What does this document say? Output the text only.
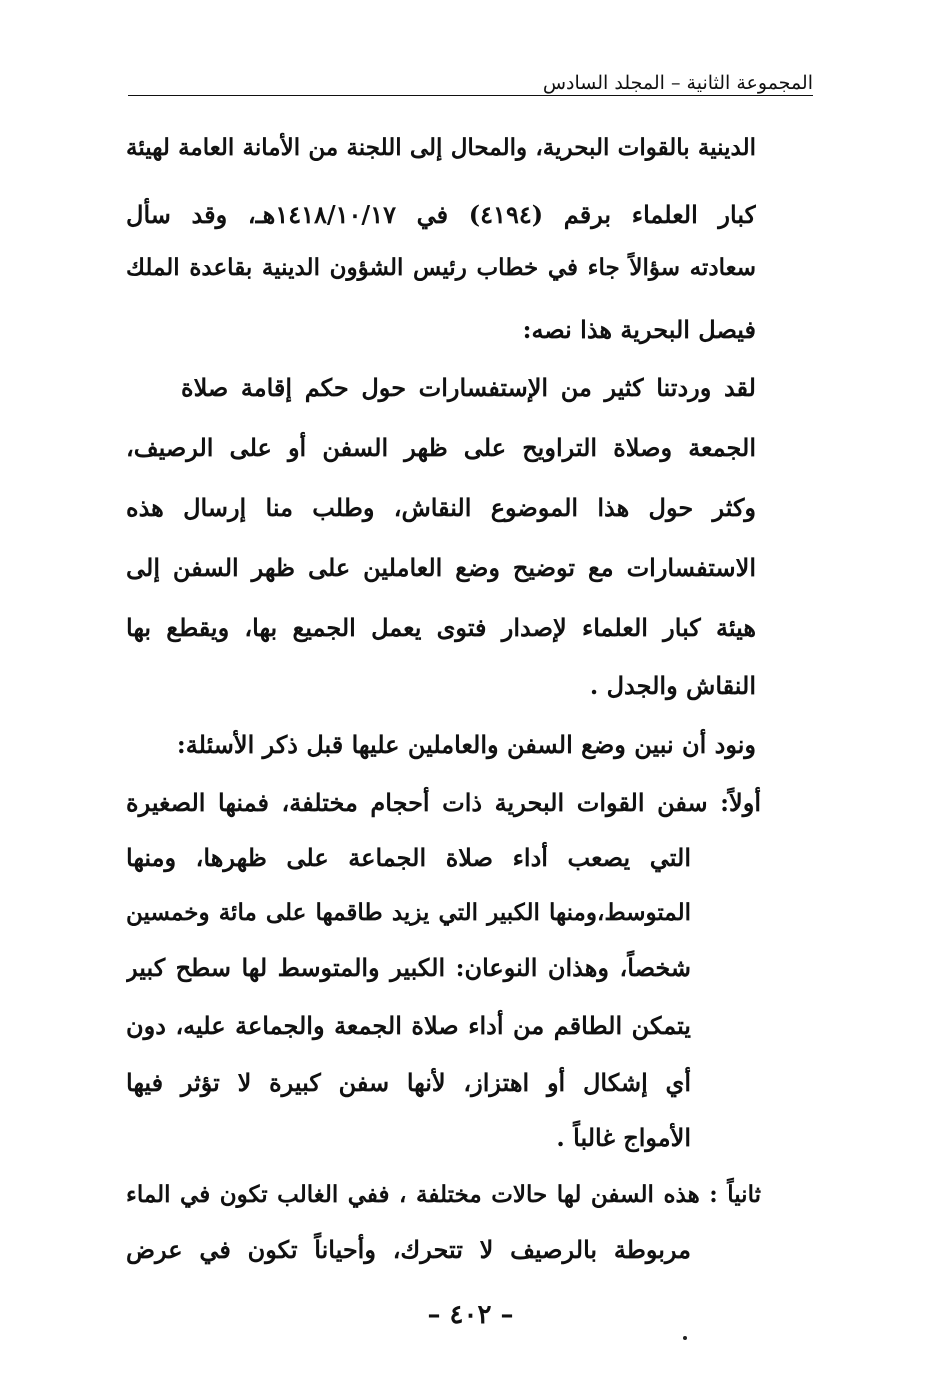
المجموعة الثانية – المجلد السادس
الدينية بالقوات البحرية، والمحال إلى اللجنة من الأمانة العامة لهيئة
كبار العلماء برقم (٤١٩٤) في ١٤١٨/١٠/١٧هـ، وقد سأل
سعادته سؤالاً جاء في خطاب رئيس الشؤون الدينية بقاعدة الملك
فيصل البحرية هذا نصه:
لقد وردتنا كثير من الإستفسارات حول حكم إقامة صلاة
الجمعة وصلاة التراويح على ظهر السفن أو على الرصيف،
وكثر حول هذا الموضوع النقاش، وطلب منا إرسال هذه
الاستفسارات مع توضيح وضع العاملين على ظهر السفن إلى
هيئة كبار العلماء لإصدار فتوى يعمل الجميع بها، ويقطع بها
النقاش والجدل .
ونود أن نبين وضع السفن والعاملين عليها قبل ذكر الأسئلة:
أولاً: سفن القوات البحرية ذات أحجام مختلفة، فمنها الصغيرة
التي يصعب أداء صلاة الجماعة على ظهرها، ومنها
المتوسط،ومنها الكبير التي يزيد طاقمها على مائة وخمسين
شخصاً، وهذان النوعان: الكبير والمتوسط لها سطح كبير
يتمكن الطاقم من أداء صلاة الجمعة والجماعة عليه، دون
أي إشكال أو اهتزاز، لأنها سفن كبيرة لا تؤثر فيها
الأمواج غالباً .
ثانياً : هذه السفن لها حالات مختلفة ، ففي الغالب تكون في الماء
مربوطة بالرصيف لا تتحرك، وأحياناً تكون في عرض
– ٤٠٢ –
